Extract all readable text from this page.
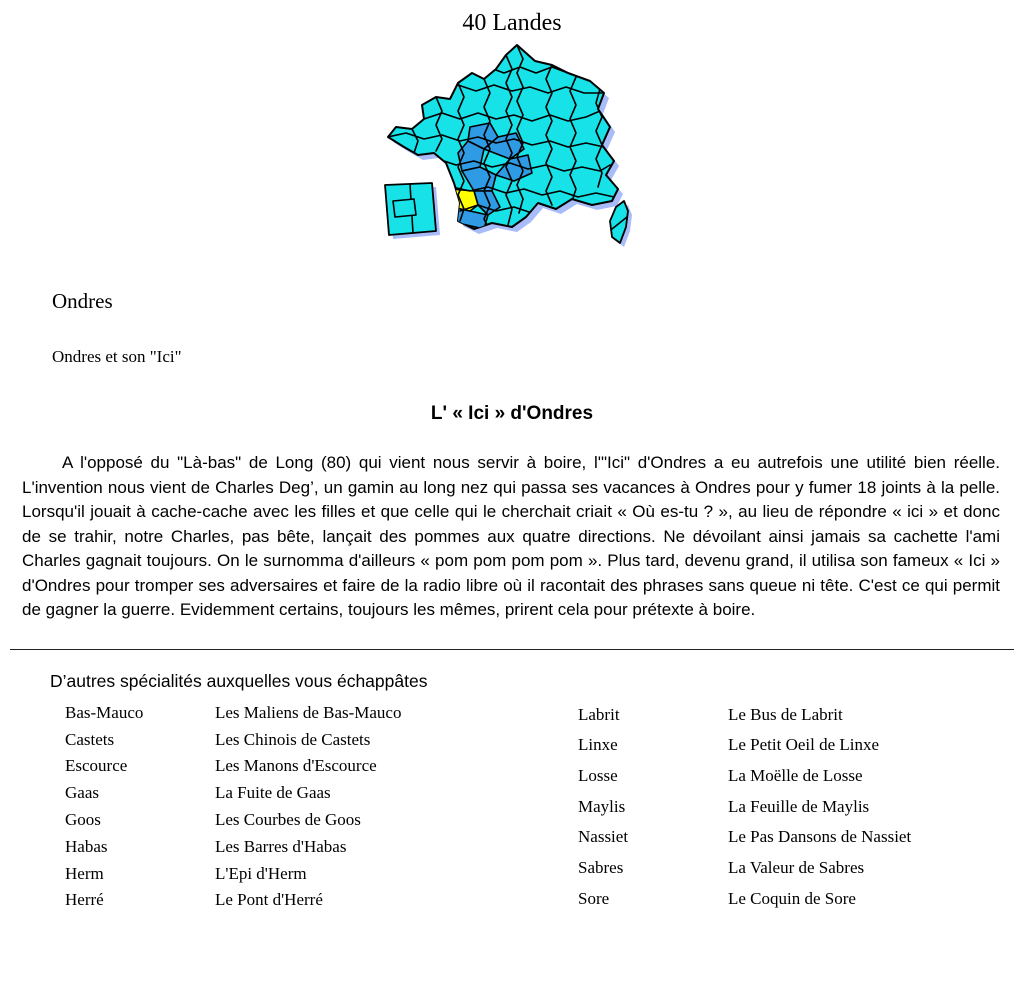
40 Landes
Ondres
Ondres et son "Ici"
L' « Ici » d'Ondres

A l'opposé du "Là-bas" de Long (80) qui vient nous servir à boire, l'"Ici" d'Ondres a eu autrefois une utilité bien réelle. L'invention nous vient de Charles Deg’, un gamin au long nez qui passa ses vacances à Ondres pour y fumer 18 joints à la pelle. Lorsqu'il jouait à cache-cache avec les filles et que celle qui le cherchait criait « Où es-tu ? », au lieu de répondre « ici » et donc de se trahir, notre Charles, pas bête, lançait des pommes aux quatre directions. Ne dévoilant ainsi jamais sa cachette l'ami Charles gagnait toujours. On le surnomma d'ailleurs « pom pom pom pom ». Plus tard, devenu grand, il utilisa son fameux « Ici » d'Ondres pour tromper ses adversaires et faire de la radio libre où il racontait des phrases sans queue ni tête. C'est ce qui permit de gagner la guerre. Evidemment certains, toujours les mêmes, prirent cela pour prétexte à boire.

D’autres spécialités auxquelles vous échappâtes
Bas-Mauco	Les Maliens de Bas-Mauco
Castets	Les Chinois de Castets
Escource	Les Manons d'Escource
Gaas	La Fuite de Gaas
Goos	Les Courbes de Goos
Habas	Les Barres d'Habas
Herm	L'Epi d'Herm
Herré	Le Pont d'Herré
Labrit	Le Bus de Labrit
Linxe	Le Petit Oeil de Linxe
Losse	La Moëlle de Losse
Maylis	La Feuille de Maylis
Nassiet	Le Pas Dansons de Nassiet
Sabres	La Valeur de Sabres
Sore	Le Coquin de Sore
